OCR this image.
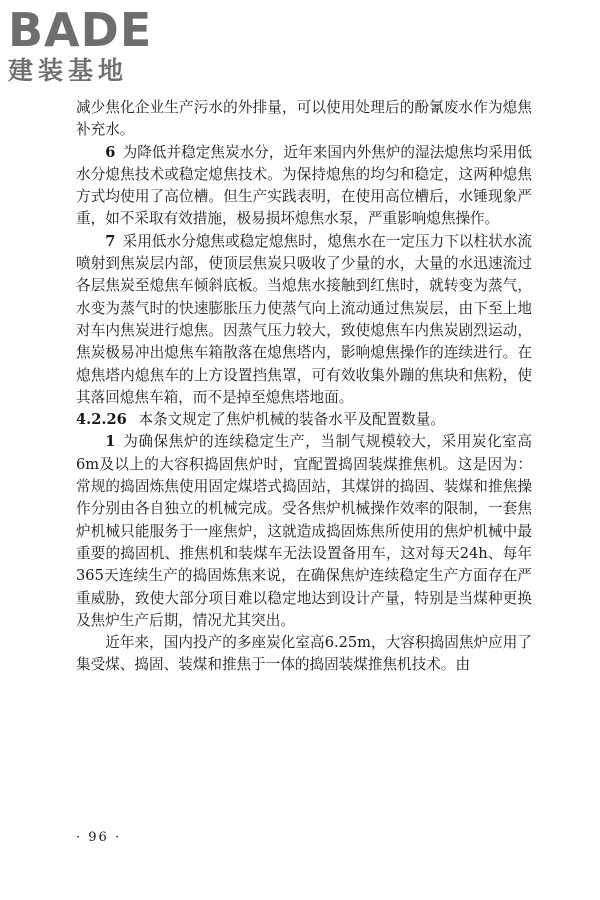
BADE
建装基地

减少焦化企业生产污水的外排量，可以使用处理后的酚氰废水作为熄焦补充水。

6 为降低并稳定焦炭水分，近年来国内外焦炉的湿法熄焦均采用低水分熄焦技术或稳定熄焦技术。为保持熄焦的均匀和稳定，这两种熄焦方式均使用了高位槽。但生产实践表明，在使用高位槽后，水锤现象严重，如不采取有效措施，极易损坏熄焦水泵，严重影响熄焦操作。

7 采用低水分熄焦或稳定熄焦时，熄焦水在一定压力下以柱状水流喷射到焦炭层内部，使顶层焦炭只吸收了少量的水，大量的水迅速流过各层焦炭至熄焦车倾斜底板。当熄焦水接触到红焦时，就转变为蒸气，水变为蒸气时的快速膨胀压力使蒸气向上流动通过焦炭层，由下至上地对车内焦炭进行熄焦。因蒸气压力较大，致使熄焦车内焦炭剧烈运动，焦炭极易冲出熄焦车箱散落在熄焦塔内，影响熄焦操作的连续进行。在熄焦塔内熄焦车的上方设置挡焦罩，可有效收集外蹦的焦块和焦粉，使其落回熄焦车箱，而不是掉至熄焦塔地面。

4.2.26 本条文规定了焦炉机械的装备水平及配置数量。

1 为确保焦炉的连续稳定生产，当制气规模较大，采用炭化室高6m及以上的大容积捣固焦炉时，宜配置捣固装煤推焦机。这是因为：常规的捣固炼焦使用固定煤塔式捣固站，其煤饼的捣固、装煤和推焦操作分别由各自独立的机械完成。受各焦炉机械操作效率的限制，一套焦炉机械只能服务于一座焦炉，这就造成捣固炼焦所使用的焦炉机械中最重要的捣固机、推焦机和装煤车无法设置备用车，这对每天24h、每年365天连续生产的捣固炼焦来说，在确保焦炉连续稳定生产方面存在严重威胁，致使大部分项目难以稳定地达到设计产量，特别是当煤种更换及焦炉生产后期，情况尤其突出。

近年来，国内投产的多座炭化室高6.25m，大容积捣固焦炉应用了集受煤、捣固、装煤和推焦于一体的捣固装煤推焦机技术。由

· 96 ·
